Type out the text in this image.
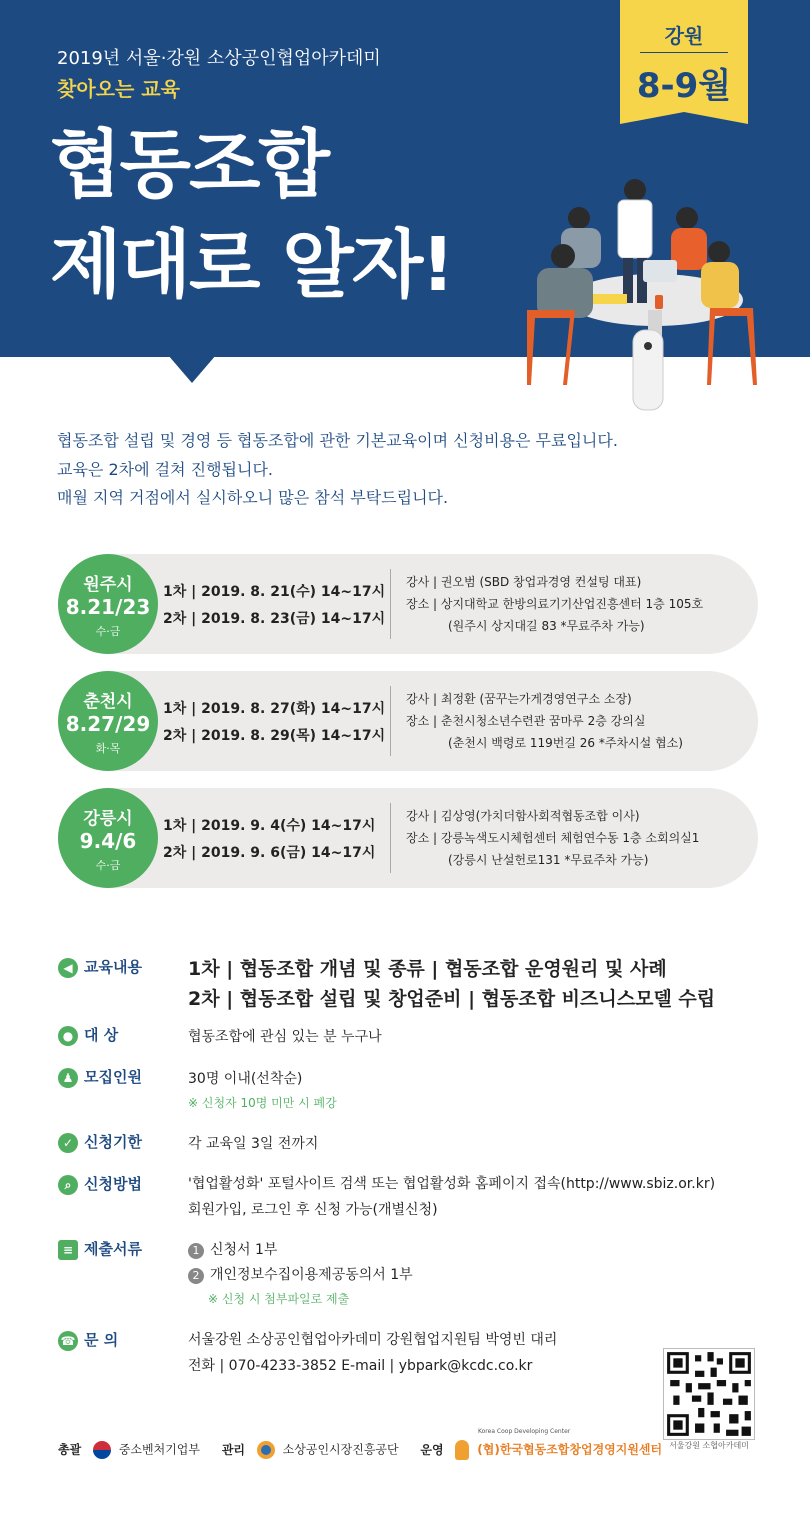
2019년 서울·강원 소상공인협업아카데미
찾아오는 교육
협동조합
제대로 알자!
강원
8-9월
협동조합 설립 및 경영 등 협동조합에 관한 기본교육이며 신청비용은 무료입니다.
교육은 2차에 걸쳐 진행됩니다.
매월 지역 거점에서 실시하오니 많은 참석 부탁드립니다.
원주시
8.21/23
수·금
1차 | 2019. 8. 21(수) 14~17시
2차 | 2019. 8. 23(금) 14~17시
강사 | 권오범 (SBD 창업과경영 컨설팅 대표)
장소 | 상지대학교 한방의료기기산업진흥센터 1층 105호
(원주시 상지대길 83 *무료주차 가능)
춘천시
8.27/29
화·목
1차 | 2019. 8. 27(화) 14~17시
2차 | 2019. 8. 29(목) 14~17시
강사 | 최정환 (꿈꾸는가게경영연구소 소장)
장소 | 춘천시청소년수련관 꿈마루 2층 강의실
(춘천시 백령로 119번길 26 *주차시설 협소)
강릉시
9.4/6
수·금
1차 | 2019. 9. 4(수) 14~17시
2차 | 2019. 9. 6(금) 14~17시
강사 | 김상영(가치더함사회적협동조합 이사)
장소 | 강릉녹색도시체험센터 체험연수동 1층 소회의실1
(강릉시 난설헌로131 *무료주차 가능)
◀ 교육내용 1차 | 협동조합 개념 및 종류 | 협동조합 운영원리 및 사례
2차 | 협동조합 설립 및 창업준비 | 협동조합 비즈니스모델 수립
● 대 상	협동조합에 관심 있는 분 누구나
♟ 모집인원	30명 이내(선착순)
※ 신청자 10명 미만 시 폐강
✓ 신청기한	각 교육일 3일 전까지
⌕ 신청방법	'협업활성화' 포털사이트 검색 또는 협업활성화 홈페이지 접속(http://www.sbiz.or.kr)
회원가입, 로그인 후 신청 가능(개별신청)
≡ 제출서류	1 신청서 1부
2 개인정보수집이용제공동의서 1부
※ 신청 시 첨부파일로 제출
☎ 문 의	서울강원 소상공인협업아카데미 강원협업지원팀 박영빈 대리
전화 | 070-4233-3852 E-mail | ybpark@kcdc.co.kr
서울강원 소협아카데미
총괄	중소벤처기업부 관리	소상공인시장진흥공단 운영
Korea Coop Developing Center
(협)한국협동조합창업경영지원센터
